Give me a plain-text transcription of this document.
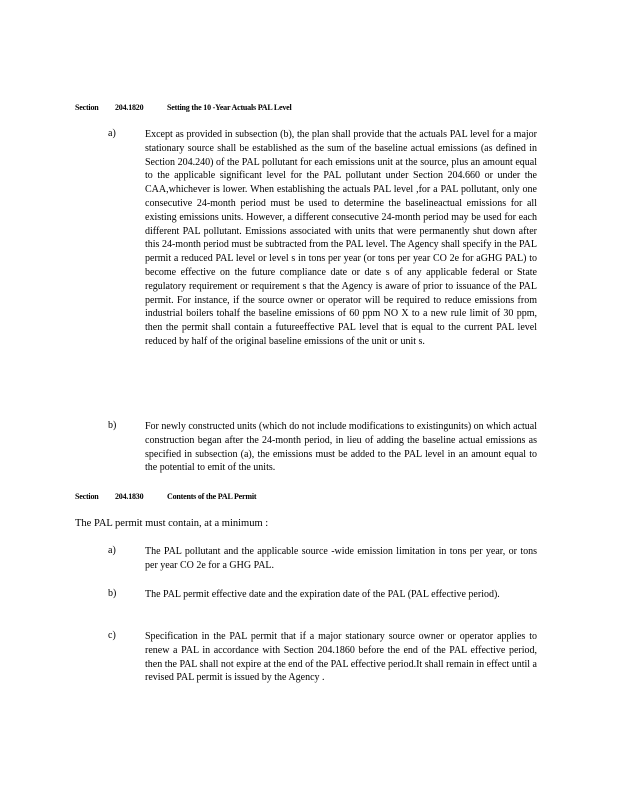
Section 204.1820	Setting the 10 -Year Actuals PAL Level
a)	Except as provided in subsection (b), the plan shall provide that the actuals PAL level for a major stationary source shall be established as the sum of the baseline actual emissions (as defined in Section 204.240) of the PAL pollutant for each emissions unit at the source, plus an amount equal to the applicable significant level for the PAL pollutant under Section 204.660 or under the CAA,whichever is lower. When establishing the actuals PAL level ,for a PAL pollutant, only one consecutive 24-month period must be used to determine the baselineactual emissions for all existing emissions units. However, a different consecutive 24-month period may be used for each different PAL pollutant. Emissions associated with units that were permanently shut down after this 24-month period must be subtracted from the PAL level. The Agency shall specify in the PAL permit a reduced PAL level or level s in tons per year (or tons per year CO 2e for aGHG PAL) to become effective on the future compliance date or date s of any applicable federal or State regulatory requirement or requirement s that the Agency is aware of prior to issuance of the PAL permit. For instance, if the source owner or operator will be required to reduce emissions from industrial boilers tohalf the baseline emissions of 60 ppm NO X to a new rule limit of 30 ppm, then the permit shall contain a futureeffective PAL level that is equal to the current PAL level reduced by half of the original baseline emissions of the unit or unit s.
b)	For newly constructed units (which do not include modifications to existingunits) on which actual construction began after the 24-month period, in lieu of adding the baseline actual emissions as specified in subsection (a), the emissions must be added to the PAL level in an amount equal to the potential to emit of the units.
Section 204.1830	Contents of the PAL Permit
The PAL permit must contain, at a minimum :
a)	The PAL pollutant and the applicable source -wide emission limitation in tons per year, or tons per year CO 2e for a GHG PAL.
b)	The PAL permit effective date and the expiration date of the PAL (PAL effective period).
c)	Specification in the PAL permit that if a major stationary source owner or operator applies to renew a PAL in accordance with Section 204.1860 before the end of the PAL effective period, then the PAL shall not expire at the end of the PAL effective period.It shall remain in effect until a revised PAL permit is issued by the Agency .
